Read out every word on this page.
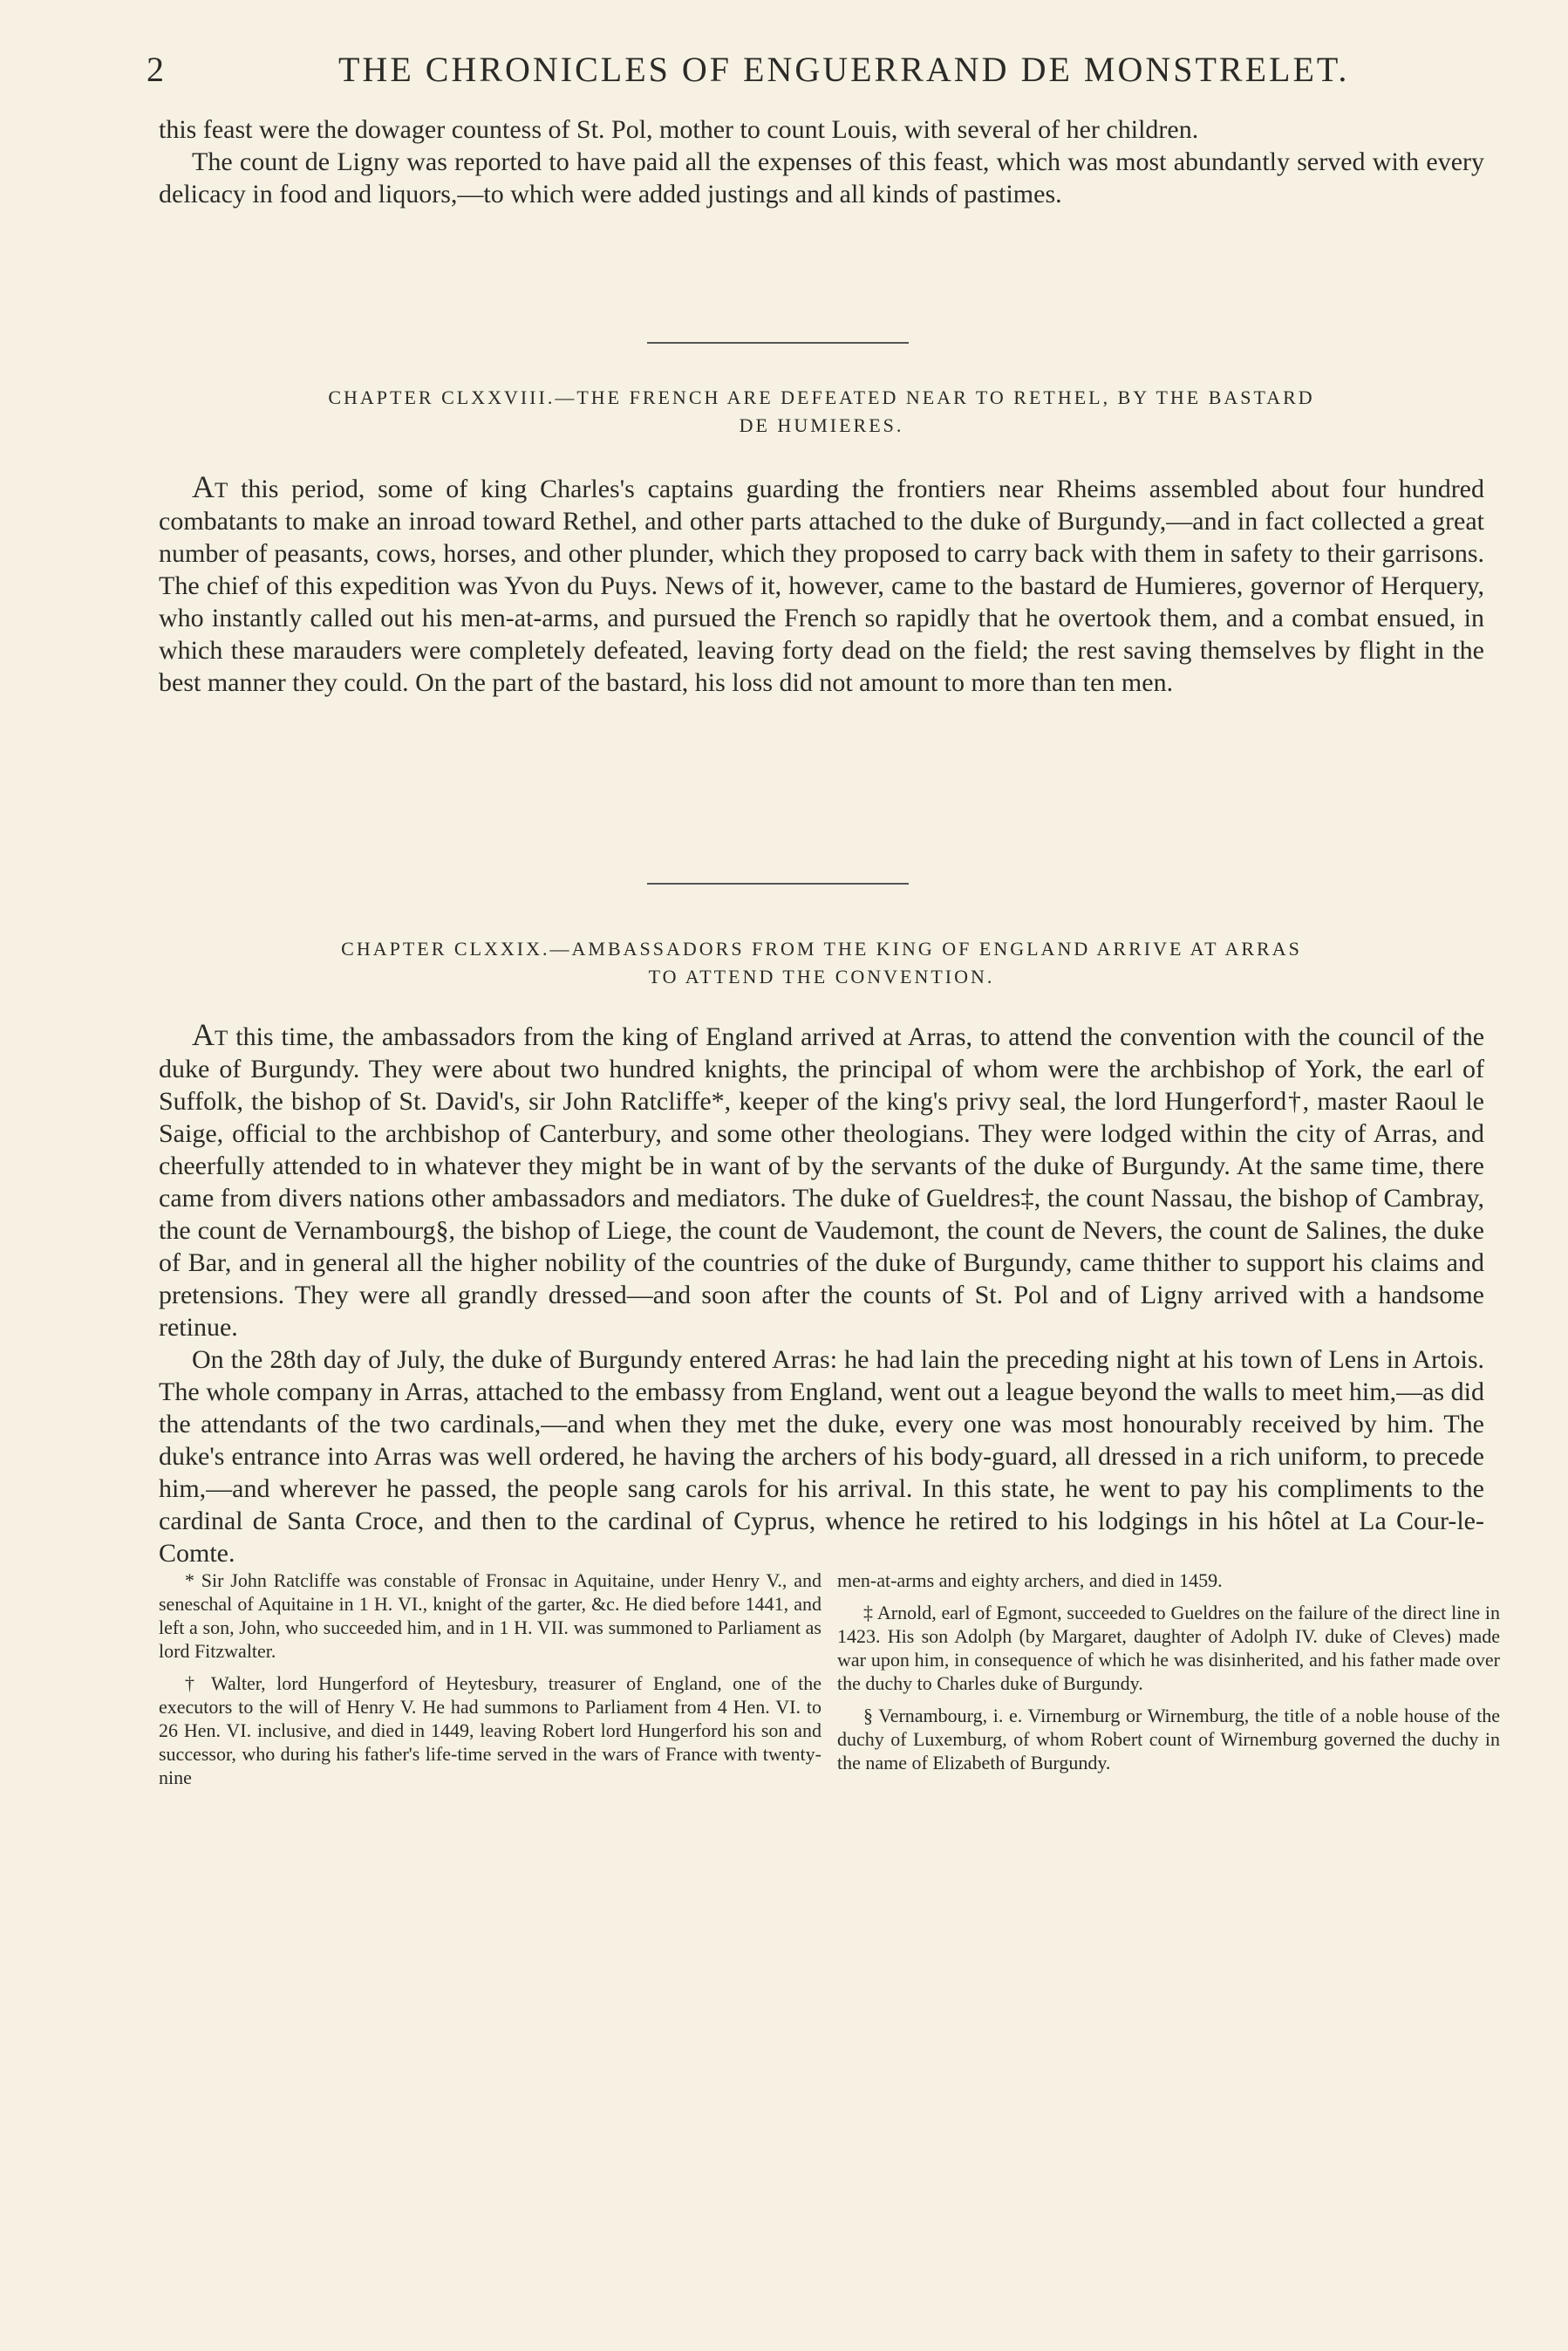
2	THE CHRONICLES OF ENGUERRAND DE MONSTRELET.

this feast were the dowager countess of St. Pol, mother to count Louis, with several of her children.

The count de Ligny was reported to have paid all the expenses of this feast, which was most abundantly served with every delicacy in food and liquors,—to which were added justings and all kinds of pastimes.

CHAPTER CLXXVIII.—THE FRENCH ARE DEFEATED NEAR TO RETHEL, BY THE BASTARD
DE HUMIERES.

At this period, some of king Charles's captains guarding the frontiers near Rheims assembled about four hundred combatants to make an inroad toward Rethel, and other parts attached to the duke of Burgundy,—and in fact collected a great number of peasants, cows, horses, and other plunder, which they proposed to carry back with them in safety to their garrisons. The chief of this expedition was Yvon du Puys. News of it, however, came to the bastard de Humieres, governor of Herquery, who instantly called out his men-at-arms, and pursued the French so rapidly that he overtook them, and a combat ensued, in which these marauders were completely defeated, leaving forty dead on the field; the rest saving themselves by flight in the best manner they could. On the part of the bastard, his loss did not amount to more than ten men.

CHAPTER CLXXIX.—AMBASSADORS FROM THE KING OF ENGLAND ARRIVE AT ARRAS
TO ATTEND THE CONVENTION.

At this time, the ambassadors from the king of England arrived at Arras, to attend the convention with the council of the duke of Burgundy. They were about two hundred knights, the principal of whom were the archbishop of York, the earl of Suffolk, the bishop of St. David's, sir John Ratcliffe*, keeper of the king's privy seal, the lord Hungerford†, master Raoul le Saige, official to the archbishop of Canterbury, and some other theologians. They were lodged within the city of Arras, and cheerfully attended to in whatever they might be in want of by the servants of the duke of Burgundy. At the same time, there came from divers nations other ambassadors and mediators. The duke of Gueldres‡, the count Nassau, the bishop of Cambray, the count de Vernambourg§, the bishop of Liege, the count de Vaudemont, the count de Nevers, the count de Salines, the duke of Bar, and in general all the higher nobility of the countries of the duke of Burgundy, came thither to support his claims and pretensions. They were all grandly dressed—and soon after the counts of St. Pol and of Ligny arrived with a handsome retinue.

On the 28th day of July, the duke of Burgundy entered Arras: he had lain the preceding night at his town of Lens in Artois. The whole company in Arras, attached to the embassy from England, went out a league beyond the walls to meet him,—as did the attendants of the two cardinals,—and when they met the duke, every one was most honourably received by him. The duke's entrance into Arras was well ordered, he having the archers of his body-guard, all dressed in a rich uniform, to precede him,—and wherever he passed, the people sang carols for his arrival. In this state, he went to pay his compliments to the cardinal de Santa Croce, and then to the cardinal of Cyprus, whence he retired to his lodgings in his hôtel at La Cour-le-Comte.

* Sir John Ratcliffe was constable of Fronsac in Aquitaine, under Henry V., and seneschal of Aquitaine in 1 H. VI., knight of the garter, &c. He died before 1441, and left a son, John, who succeeded him, and in 1 H. VII. was summoned to Parliament as lord Fitzwalter.

† Walter, lord Hungerford of Heytesbury, treasurer of England, one of the executors to the will of Henry V. He had summons to Parliament from 4 Hen. VI. to 26 Hen. VI. inclusive, and died in 1449, leaving Robert lord Hungerford his son and successor, who during his father's life-time served in the wars of France with twenty-nine

men-at-arms and eighty archers, and died in 1459.

‡ Arnold, earl of Egmont, succeeded to Gueldres on the failure of the direct line in 1423. His son Adolph (by Margaret, daughter of Adolph IV. duke of Cleves) made war upon him, in consequence of which he was disinherited, and his father made over the duchy to Charles duke of Burgundy.

§ Vernambourg, i. e. Virnemburg or Wirnemburg, the title of a noble house of the duchy of Luxemburg, of whom Robert count of Wirnemburg governed the duchy in the name of Elizabeth of Burgundy.
